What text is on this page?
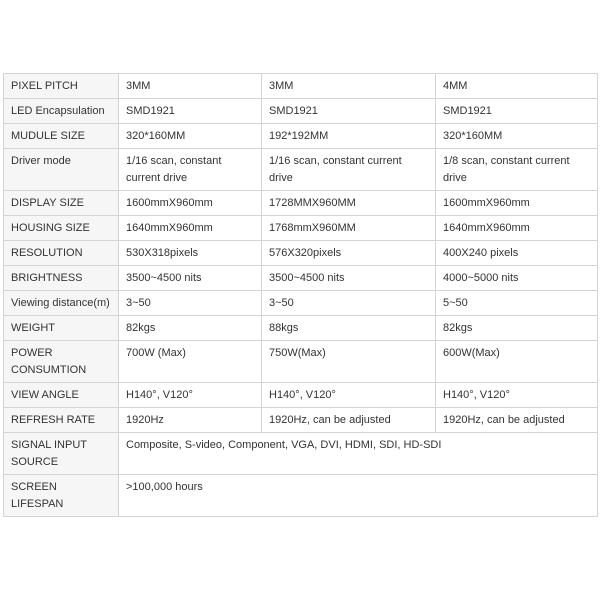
PIXEL PITCH	3MM	3MM	4MM
LED Encapsulation	SMD1921	SMD1921	SMD1921
MUDULE SIZE	320*160MM	192*192MM	320*160MM
Driver mode	1/16 scan, constant current drive	1/16 scan, constant current drive	1/8 scan, constant current drive
DISPLAY SIZE	1600mmX960mm	1728MMX960MM	1600mmX960mm
HOUSING SIZE	1640mmX960mm	1768mmX960MM	1640mmX960mm
RESOLUTION	530X318pixels	576X320pixels	400X240 pixels
BRIGHTNESS	3500~4500 nits	3500~4500 nits	4000~5000 nits
Viewing distance(m)	3~50	3~50	5~50
WEIGHT	82kgs	88kgs	82kgs
POWER CONSUMTION	700W (Max)	750W(Max)	600W(Max)
VIEW ANGLE	H140°, V120°	H140°, V120°	H140°, V120°
REFRESH RATE	1920Hz	1920Hz, can be adjusted	1920Hz, can be adjusted
SIGNAL INPUT SOURCE	Composite, S-video, Component, VGA, DVI, HDMI, SDI, HD-SDI		
SCREEN LIFESPAN	>100,000 hours		
